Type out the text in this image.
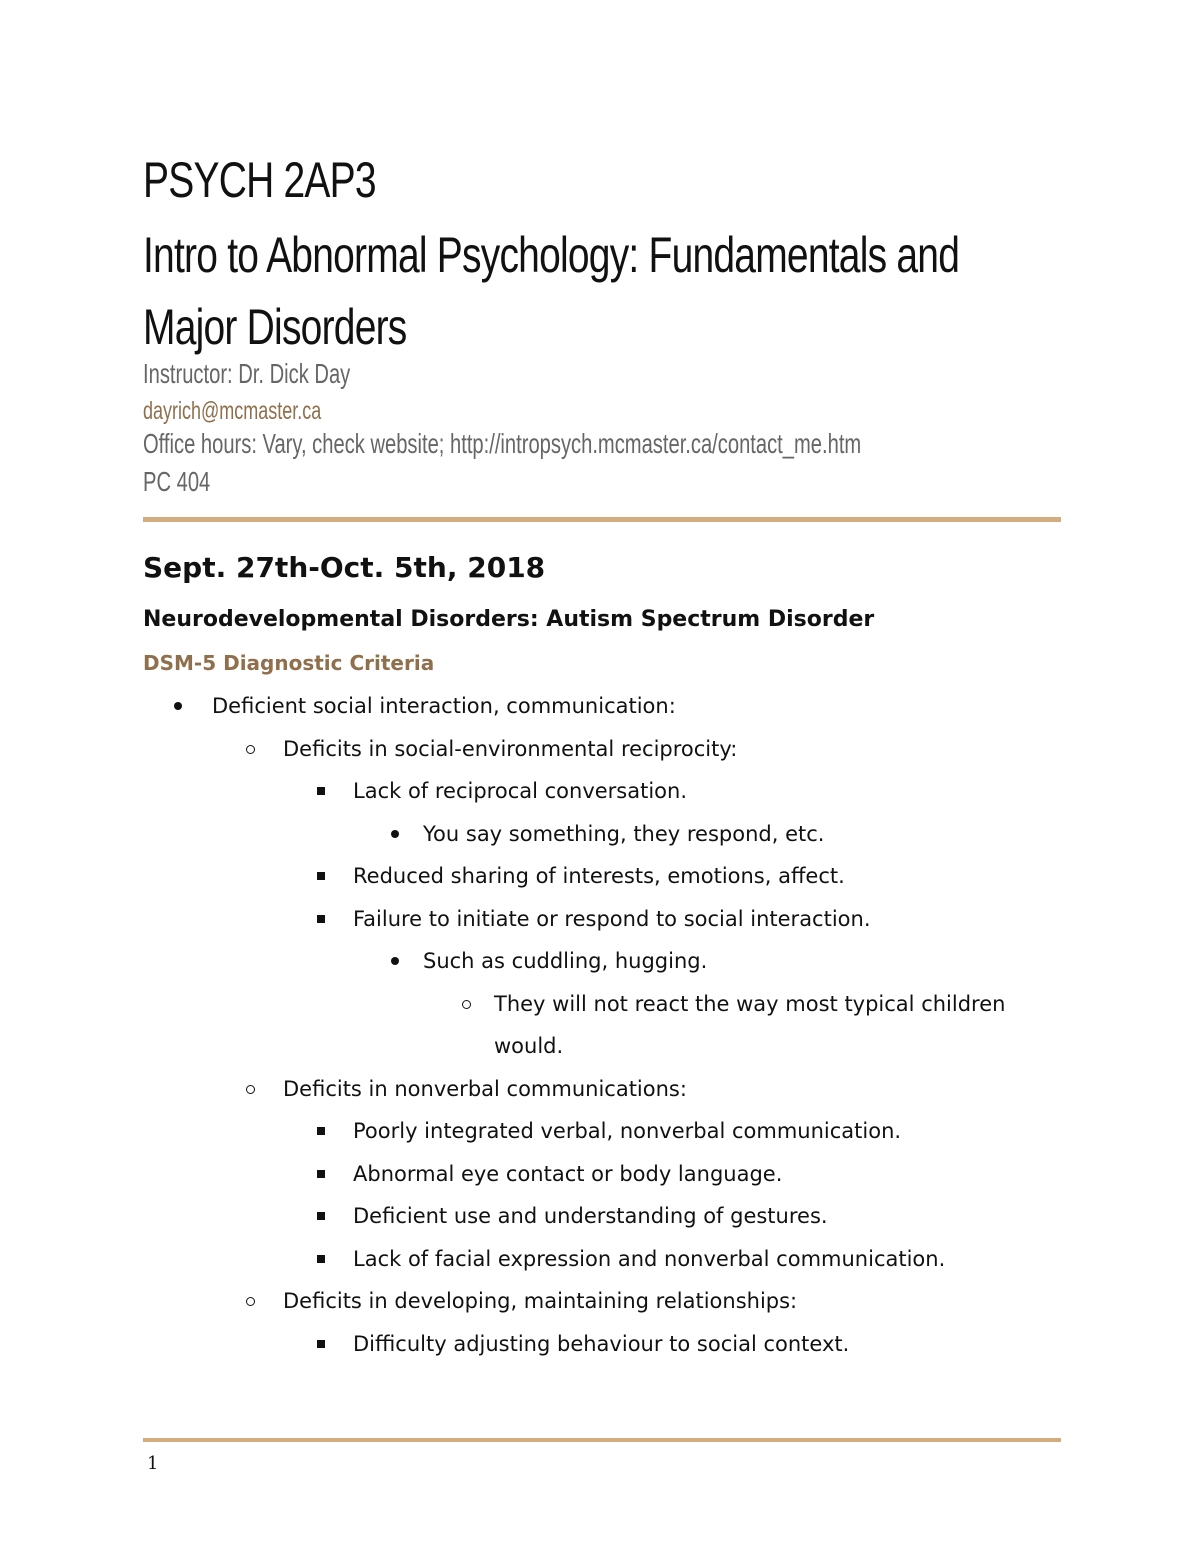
PSYCH 2AP3
Intro to Abnormal Psychology: Fundamentals and Major Disorders
Instructor: Dr. Dick Day
dayrich@mcmaster.ca
Office hours: Vary, check website; http://intropsych.mcmaster.ca/contact_me.htm
PC 404
Sept. 27th-Oct. 5th, 2018
Neurodevelopmental Disorders: Autism Spectrum Disorder
DSM-5 Diagnostic Criteria
Deficient social interaction, communication:
Deficits in social-environmental reciprocity:
Lack of reciprocal conversation.
You say something, they respond, etc.
Reduced sharing of interests, emotions, affect.
Failure to initiate or respond to social interaction.
Such as cuddling, hugging.
They will not react the way most typical children
would.
Deficits in nonverbal communications:
Poorly integrated verbal, nonverbal communication.
Abnormal eye contact or body language.
Deficient use and understanding of gestures.
Lack of facial expression and nonverbal communication.
Deficits in developing, maintaining relationships:
Difficulty adjusting behaviour to social context.
1
